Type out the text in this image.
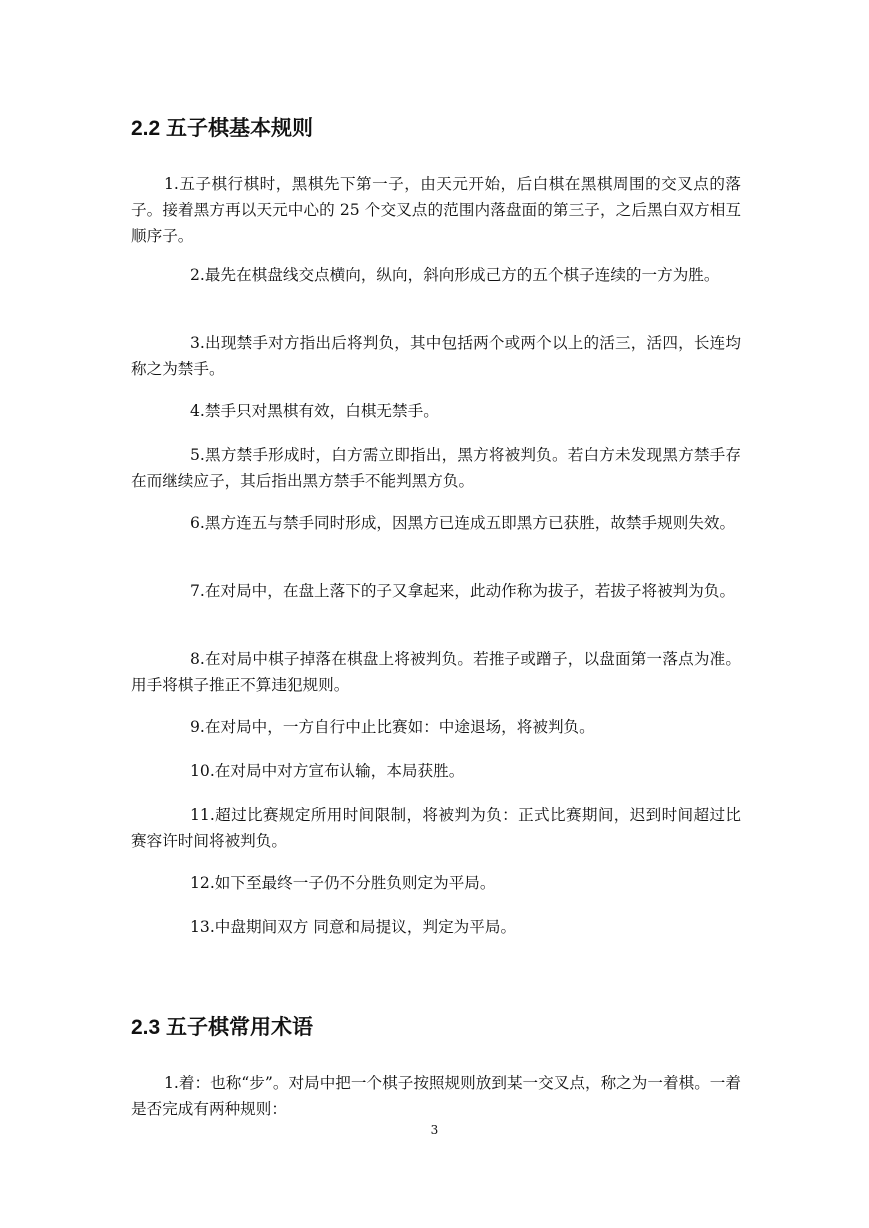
2.2 五子棋基本规则

1.五子棋行棋时，黑棋先下第一子，由天元开始，后白棋在黑棋周围的交叉点的落子。接着黑方再以天元中心的 25 个交叉点的范围内落盘面的第三子，之后黑白双方相互顺序子。

2.最先在棋盘线交点横向，纵向，斜向形成己方的五个棋子连续的一方为胜。

3.出现禁手对方指出后将判负，其中包括两个或两个以上的活三，活四，长连均称之为禁手。

4.禁手只对黑棋有效，白棋无禁手。

5.黑方禁手形成时，白方需立即指出，黑方将被判负。若白方未发现黑方禁手存在而继续应子，其后指出黑方禁手不能判黑方负。

6.黑方连五与禁手同时形成，因黑方已连成五即黑方已获胜，故禁手规则失效。

7.在对局中，在盘上落下的子又拿起来，此动作称为拔子，若拔子将被判为负。

8.在对局中棋子掉落在棋盘上将被判负。若推子或蹭子，以盘面第一落点为准。用手将棋子推正不算违犯规则。

9.在对局中，一方自行中止比赛如：中途退场，将被判负。

10.在对局中对方宣布认输，本局获胜。

11.超过比赛规定所用时间限制，将被判为负：正式比赛期间，迟到时间超过比赛容许时间将被判负。

12.如下至最终一子仍不分胜负则定为平局。

13.中盘期间双方 同意和局提议，判定为平局。

2.3 五子棋常用术语

1.着：也称“步”。对局中把一个棋子按照规则放到某一交叉点，称之为一着棋。一着是否完成有两种规则：

3
